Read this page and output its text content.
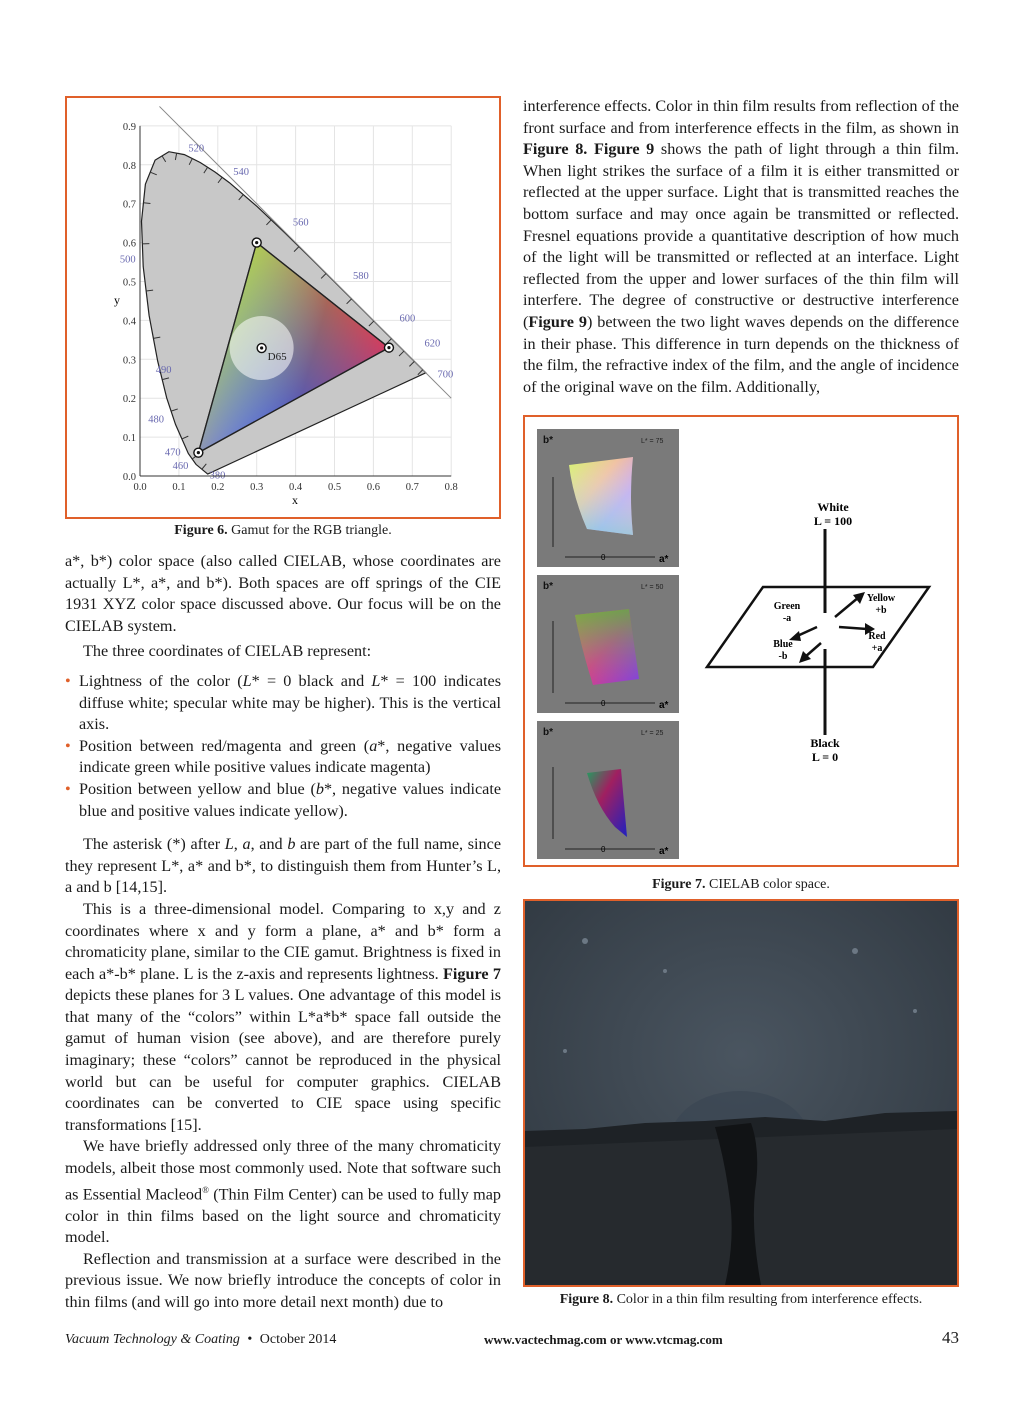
380
460
470
480
490
500
520
540
560
580
600
620
700
0.0 0.1 0.2 0.3 0.4 0.5 0.6 0.7 0.8
0.0
0.1
0.2
0.3
0.4
0.5
0.6
0.7
0.8
0.9
D65
x
y
Figure 6. Gamut for the RGB triangle.

a*, b*) color space (also called CIELAB, whose coordinates are actually L*, a*, and b*). Both spaces are off springs of the CIE 1931 XYZ color space discussed above. Our focus will be on the CIELAB system.

The three coordinates of CIELAB represent:

• Lightness of the color (L* = 0 black and L* = 100 indicates diffuse white; specular white may be higher). This is the vertical axis.
• Position between red/magenta and green (a*, negative values indicate green while positive values indicate magenta)
• Position between yellow and blue (b*, negative values indicate blue and positive values indicate yellow).

The asterisk (*) after L, a, and b are part of the full name, since they represent L*, a* and b*, to distinguish them from Hunter’s L, a and b [14,15].

This is a three-dimensional model. Comparing to x,y and z coordinates where x and y form a plane, a* and b* form a chromaticity plane, similar to the CIE gamut. Brightness is fixed in each a*-b* plane. L is the z-axis and represents lightness. Figure 7 depicts these planes for 3 L values. One advantage of this model is that many of the “colors” within L*a*b* space fall outside the gamut of human vision (see above), and are therefore purely imaginary; these “colors” cannot be reproduced in the physical world but can be useful for computer graphics. CIELAB coordinates can be converted to CIE space using specific transformations [15].

We have briefly addressed only three of the many chromaticity models, albeit those most commonly used. Note that software such as Essential Macleod® (Thin Film Center) can be used to fully map color in thin films based on the light source and chromaticity model.

Reflection and transmission at a surface were described in the previous issue. We now briefly introduce the concepts of color in thin films (and will go into more detail next month) due to

interference effects. Color in thin film results from reflection of the front surface and from interference effects in the film, as shown in Figure 8. Figure 9 shows the path of light through a thin film. When light strikes the surface of a film it is either transmitted or reflected at the upper surface. Light that is transmitted reaches the bottom surface and may once again be transmitted or reflected. Fresnel equations provide a quantitative description of how much of the light will be transmitted or reflected at an interface. Light reflected from the upper and lower surfaces of the thin film will interfere. The degree of constructive or destructive interference (Figure 9) between the two light waves depends on the difference in their phase. This difference in turn depends on the thickness of the film, the refractive index of the film, and the angle of incidence of the original wave on the film. Additionally,

b*	L* = 75
0	a*
b*	L* = 50
0	a*
b*	L* = 25
0	a*
White
L = 100
Green
-a
Yellow
+b
Blue
-b
Red
+a
Black
L = 0
Figure 7. CIELAB color space.
Figure 8. Color in a thin film resulting from interference effects.
Vacuum Technology & Coating • October 2014	www.vactechmag.com or www.vtcmag.com	43
